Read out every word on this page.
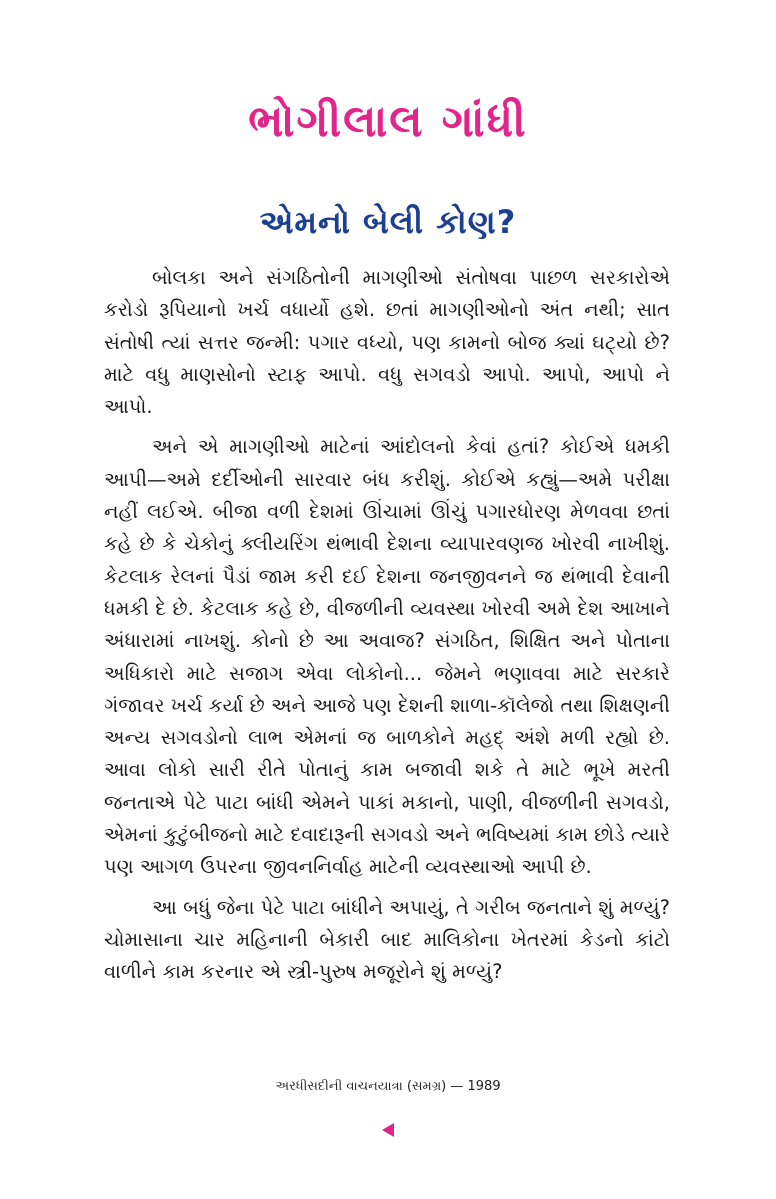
ભોગીલાલ ગાંધી
એમનો બેલી કોણ?

બોલકા અને સંગઠિતોની માગણીઓ સંતોષવા પાછળ સરકારોએ કરોડો રૂપિયાનો ખર્ચ વધાર્યો હશે. છતાં માગણીઓનો અંત નથી; સાત સંતોષી ત્યાં સત્તર જન્મી: પગાર વધ્યો, પણ કામનો બોજ ક્યાં ઘટ્યો છે? માટે વધુ માણસોનો સ્ટાફ આપો. વધુ સગવડો આપો. આપો, આપો ને આપો.

અને એ માગણીઓ માટેનાં આંદોલનો કેવાં હતાં? કોઈએ ધમકી આપી—અમે દર્દીઓની સારવાર બંધ કરીશું. કોઈએ કહ્યું—અમે પરીક્ષા નહીં લઈએ. બીજા વળી દેશમાં ઊંચામાં ઊંચું પગારધોરણ મેળવવા છતાં કહે છે કે ચેકોનું ક્લીયરિંગ થંભાવી દેશના વ્યાપારવણજ ખોરવી નાખીશું. કેટલાક રેલનાં પૈડાં જામ કરી દઈ દેશના જનજીવનને જ થંભાવી દેવાની ધમકી દે છે. કેટલાક કહે છે, વીજળીની વ્યવસ્થા ખોરવી અમે દેશ આખાને અંધારામાં નાખશું. કોનો છે આ અવાજ? સંગઠિત, શિક્ષિત અને પોતાના અધિકારો માટે સજાગ એવા લોકોનો... જેમને ભણાવવા માટે સરકારે ગંજાવર ખર્ચ કર્યા છે અને આજે પણ દેશની શાળા-કૉલેજો તથા શિક્ષણની અન્ય સગવડોનો લાભ એમનાં જ બાળકોને મહદ્ અંશે મળી રહ્યો છે. આવા લોકો સારી રીતે પોતાનું કામ બજાવી શકે તે માટે ભૂખે મરતી જનતાએ પેટે પાટા બાંધી એમને પાકાં મકાનો, પાણી, વીજળીની સગવડો, એમનાં કુટુંબીજનો માટે દવાદારૂની સગવડો અને ભવિષ્યમાં કામ છોડે ત્યારે પણ આગળ ઉપરના જીવનનિર્વાહ માટેની વ્યવસ્થાઓ આપી છે.

આ બધું જેના પેટે પાટા બાંધીને અપાયું, તે ગરીબ જનતાને શું મળ્યું? ચોમાસાના ચાર મહિનાની બેકારી બાદ માલિકોના ખેતરમાં કેડનો કાંટો વાળીને કામ કરનાર એ સ્ત્રી-પુરુષ મજૂરોને શું મળ્યું?

અરધીસદીની વાચનયાત્રા (સમગ્ર) — 1989
